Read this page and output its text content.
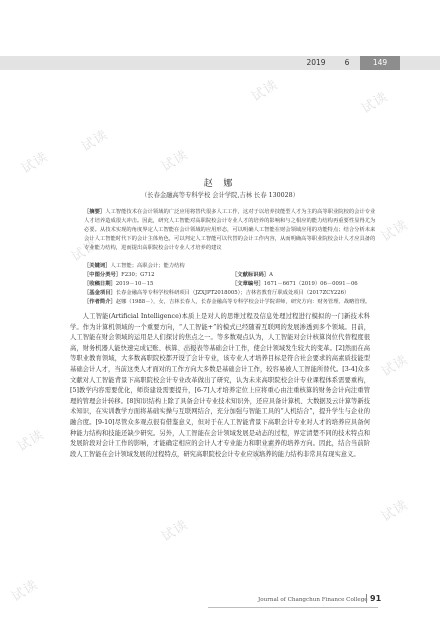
试读	试读
试读
试读
试读
试读
试读
试读
试读
试读	试读
试读
试读
试读
2019	6	149
赵 娜
（长春金融高等专科学校 会计学院,吉林 长春 130028）

［摘要］人工智能技术在会计领域的广泛应用将替代很多人工工作，这对于以培养技能型人才为主的高等职业院校的会计专业人才培养造成很大冲击。因此，研究人工智能对高职院校会计专业人才的培养的影响和与之相应的能力结构再重要性显得尤为必要。从技术实现的角度界定人工智能在会计领域的应用形态，可以明确人工智能在财会领域应用的功能特点；结合分析未来会计人工智能时代下的会计主体角色，可以判定人工智能可以代替的会计工作内容，从而明确高等职业院校会计人才应具备的专业能力结构，进而提出高职院校会计专业人才培养的建议

［关键词］ 人工智能；高职会计；能力结构
［中图分类号］F230；G712	［文献标识码］A
［收稿日期］2019－10－15	［文章编号］1671－6671（2019）06－0091－06
［基金项目］ 长春金融高等专科学校科研项目（JZXJPT2018005）；吉林省教育厅职成处项目（2017ZCY226）
［作者简介］赵娜（1988－），女，吉林长春人，长春金融高等专科学校会计学院讲师，研究方向：财务管理、战略管理。

人工智能(Artificial Intelligence)本质上是对人的思维过程及信息处理过程进行模拟的一门新技术科学。作为计算机领域的一个重要方向，“人工智能+”的模式已经随着互联网的发展渗透到多个领域。目前，人工智能在财会领域的运用是人们探讨的焦点之一。等多数观点认为，人工智能对会计核算岗位代替程度很高，财务机器人能快速完成记账、核算、出报表等基础会计工作，使会计领域发生较大的变革。[2]然而在高等职业教育领域，大多数高职院校都开设了会计专业，该专业人才培养目标是符合社会要求的高素质技能型基础会计人才，当前这类人才面对的工作方向大多数是基础会计工作，较容易被人工智能所替代。[3-4]众多文献对人工智能背景下高职院校会计专业改革做出了研究，认为未来高职院校会计专业课程体系需要重构，[5]教学内容需要优化，师资建设需要提升，[6-7]人才培养定位上应将重心由注重核算的财务会计向注重管理的管理会计转移。[8]知识结构上除了具备会计专业技术知识外，还应具备计算机、大数据及云计算等新技术知识，在实训教学方面将基础实操与互联网结合，充分加强与智能工具的“人机结合”，提升学生与企业的融合度。[9-10]尽管众多观点很有借鉴意义，但对于在人工智能背景下高职会计专业对人才的培养应具备何种能力结构和技能还缺少研究。另外，人工智能在会计领域发展是动态的过程，界定清楚不同的技术特点和发展阶段对会计工作的影响，才能确定相应的会计人才专业能力和职业素养的培养方向。因此，结合当前阶段人工智能在会计领域发展的过程特点，研究高职院校会计专业应该培养的能力结构非常具有现实意义。

Journal of Changchun Finance College 91
